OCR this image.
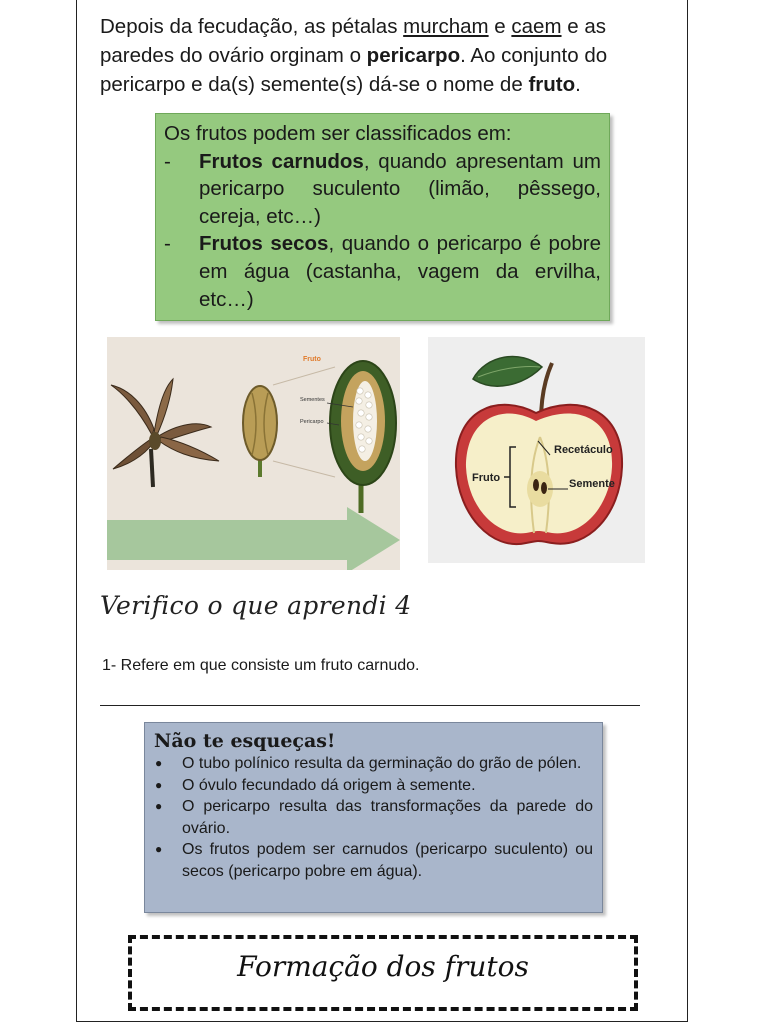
Depois da fecudação, as pétalas murcham e caem e as paredes do ovário orginam o pericarpo. Ao conjunto do pericarpo e da(s) semente(s) dá-se o nome de fruto.

Os frutos podem ser classificados em:

- Frutos carnudos, quando apresentam um pericarpo suculento (limão, pêssego, cereja, etc…)
- Frutos secos, quando o pericarpo é pobre em água (castanha, vagem da ervilha, etc…)
Fruto
Sementes
Pericarpo
Recetáculo
Fruto	Semente
Verifico o que aprendi 4
1- Refere em que consiste um fruto carnudo.
Não te esqueças!
● O tubo polínico resulta da germinação do grão de pólen.
● O óvulo fecundado dá origem à semente.
● O pericarpo resulta das transformações da parede do ovário.
● Os frutos podem ser carnudos (pericarpo suculento) ou secos (pericarpo pobre em água).
Formação dos frutos
